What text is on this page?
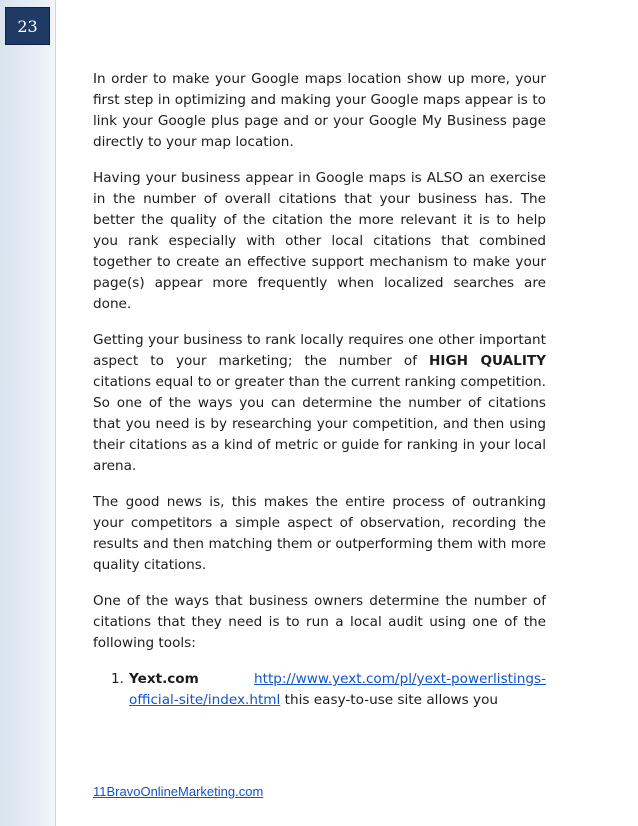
23

In order to make your Google maps location show up more, your first step in optimizing and making your Google maps appear is to link your Google plus page and or your Google My Business page directly to your map location.

Having your business appear in Google maps is ALSO an exercise in the number of overall citations that your business has. The better the quality of the citation the more relevant it is to help you rank especially with other local citations that combined together to create an effective support mechanism to make your page(s) appear more frequently when localized searches are done.

Getting your business to rank locally requires one other important aspect to your marketing; the number of HIGH QUALITY citations equal to or greater than the current ranking competition. So one of the ways you can determine the number of citations that you need is by researching your competition, and then using their citations as a kind of metric or guide for ranking in your local arena.

The good news is, this makes the entire process of outranking your competitors a simple aspect of observation, recording the results and then matching them or outperforming them with more quality citations.

One of the ways that business owners determine the number of citations that they need is to run a local audit using one of the following tools:

1. Yext.com	http://www.yext.com/pl/yext-powerlistings-official-site/index.html this easy-to-use site allows you
11BravoOnlineMarketing.com
